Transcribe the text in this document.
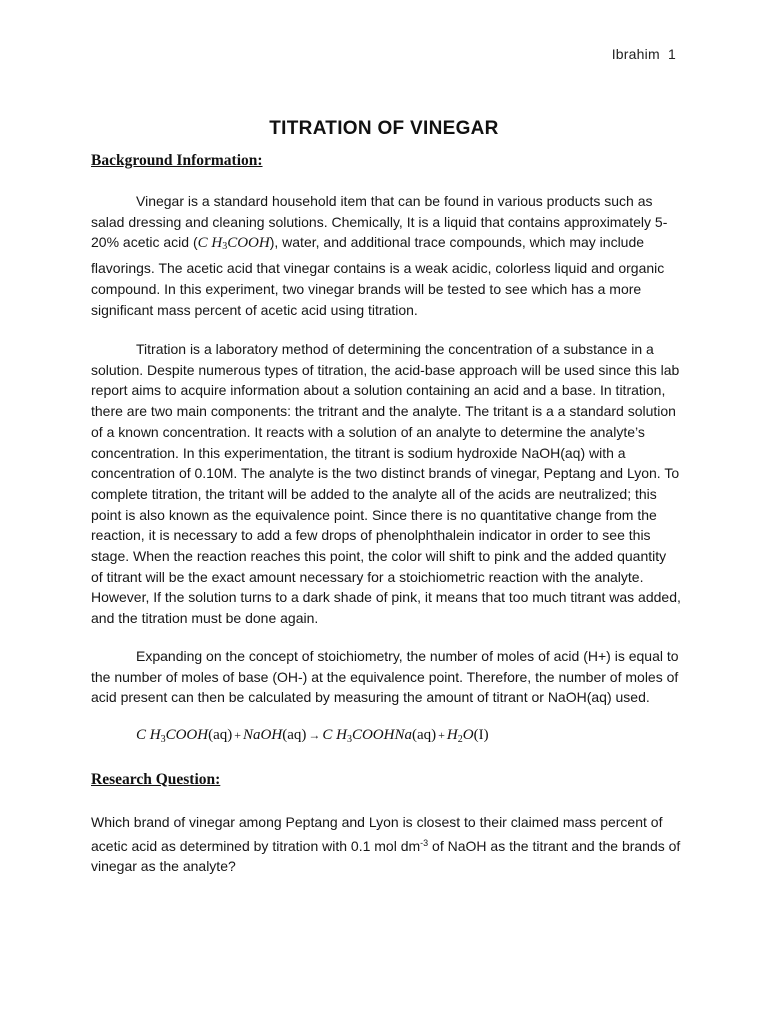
Ibrahim 1
TITRATION OF VINEGAR
Background Information:
Vinegar is a standard household item that can be found in various products such as salad dressing and cleaning solutions. Chemically, It is a liquid that contains approximately 5-20% acetic acid (C $H_3COOH$), water, and additional trace compounds, which may include flavorings. The acetic acid that vinegar contains is a weak acidic, colorless liquid and organic compound. In this experiment, two vinegar brands will be tested to see which has a more significant mass percent of acetic acid using titration.
Titration is a laboratory method of determining the concentration of a substance in a solution. Despite numerous types of titration, the acid-base approach will be used since this lab report aims to acquire information about a solution containing an acid and a base. In titration, there are two main components: the tritrant and the analyte. The tritant is a a standard solution of a known concentration. It reacts with a solution of an analyte to determine the analyte’s concentration. In this experimentation, the titrant is sodium hydroxide NaOH(aq) with a concentration of 0.10M. The analyte is the two distinct brands of vinegar, Peptang and Lyon. To complete titration, the tritant will be added to the analyte all of the acids are neutralized; this point is also known as the equivalence point. Since there is no quantitative change from the reaction, it is necessary to add a few drops of phenolphthalein indicator in order to see this stage. When the reaction reaches this point, the color will shift to pink and the added quantity of titrant will be the exact amount necessary for a stoichiometric reaction with the analyte. However, If the solution turns to a dark shade of pink, it means that too much titrant was added, and the titration must be done again.
Expanding on the concept of stoichiometry, the number of moles of acid (H+) is equal to the number of moles of base (OH-) at the equivalence point. Therefore, the number of moles of acid present can then be calculated by measuring the amount of titrant or NaOH(aq) used.
C $H_3COOH(aq)$ + NaOH(aq) → C $H_3COOHNa(aq) + H_2O(I)$
Research Question:
Which brand of vinegar among Peptang and Lyon is closest to their claimed mass percent of acetic acid as determined by titration with 0.1 mol $dm^{-3}$ of NaOH as the titrant and the brands of vinegar as the analyte?
